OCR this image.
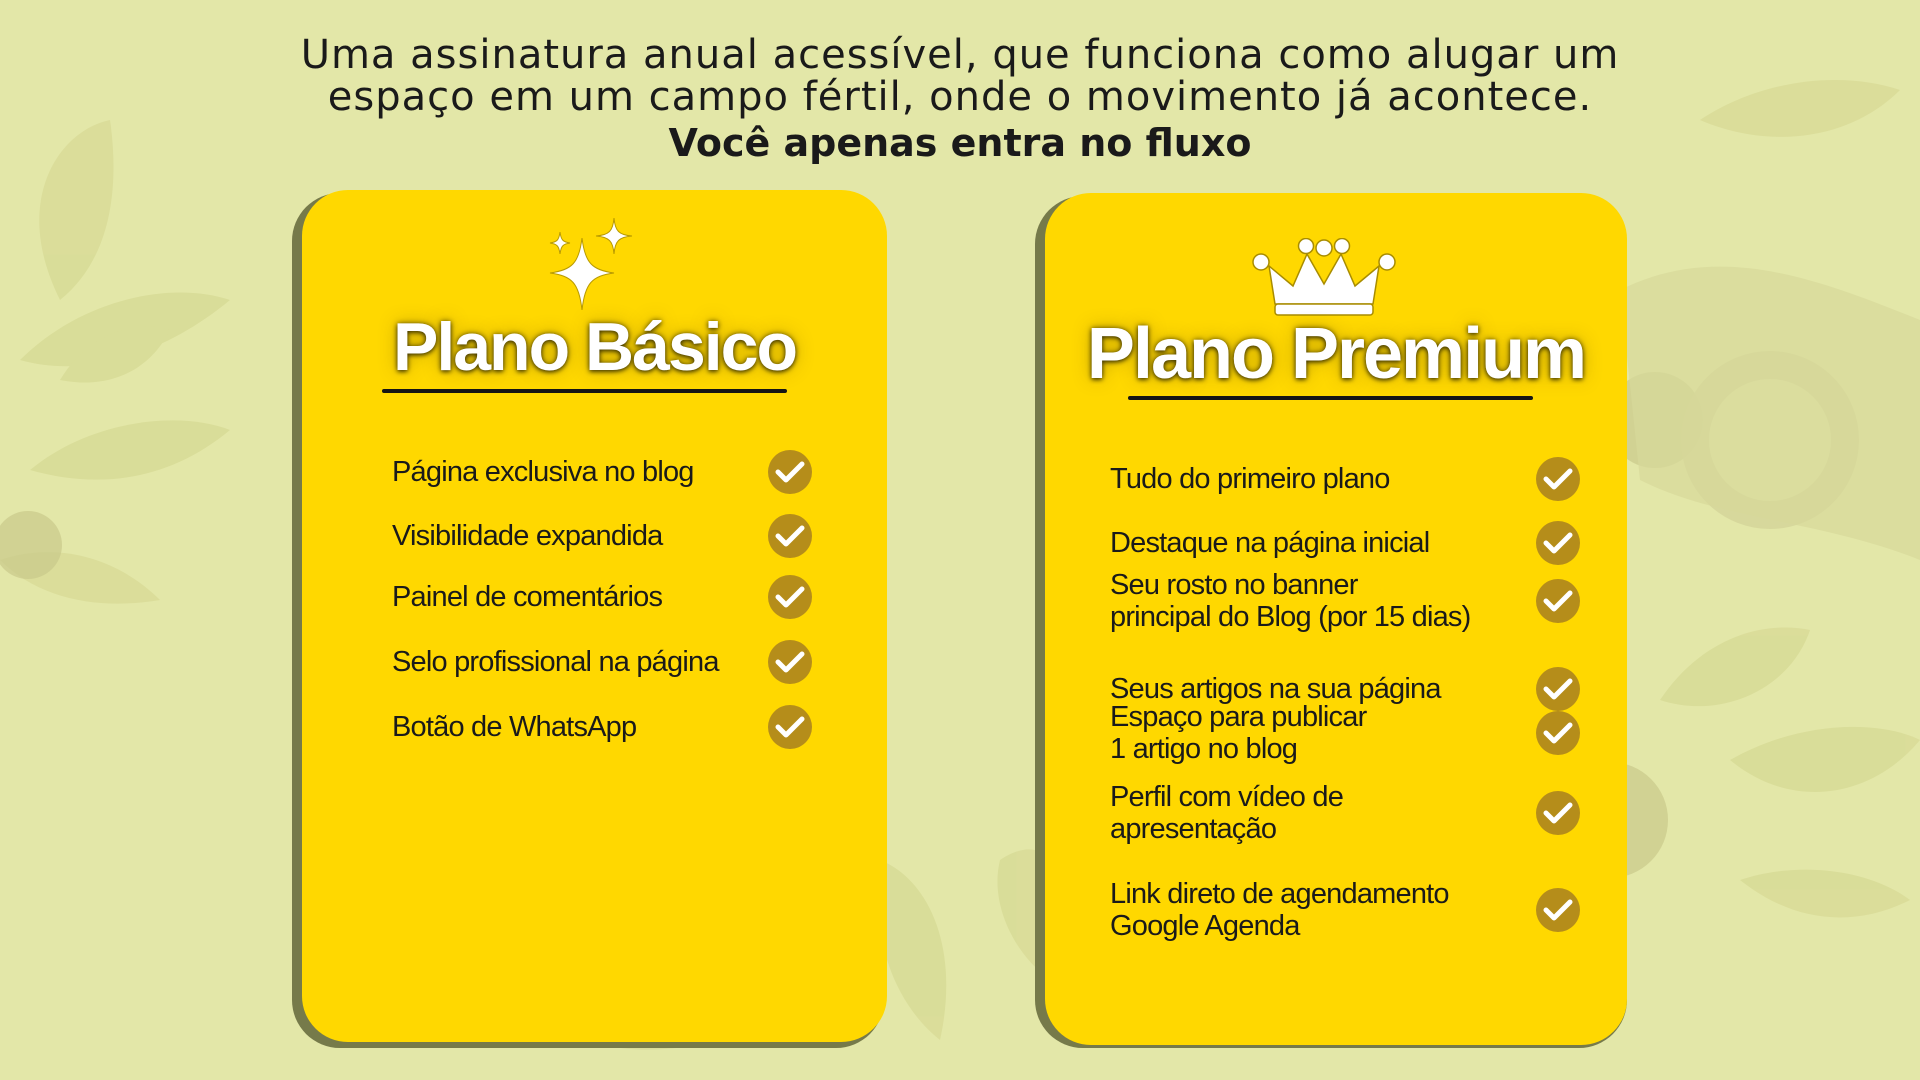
Uma assinatura anual acessível, que funciona como alugar um
espaço em um campo fértil, onde o movimento já acontece.
Você apenas entra no fluxo
Plano Básico
Página exclusiva no blog
Visibilidade expandida
Painel de comentários
Selo profissional na página
Botão de WhatsApp
Plano Premium
Tudo do primeiro plano
Destaque na página inicial
Seu rosto no banner
principal do Blog (por 15 dias)
Seus artigos na sua página
Espaço para publicar
1 artigo no blog
Perfil com vídeo de
apresentação
Link direto de agendamento
Google Agenda
